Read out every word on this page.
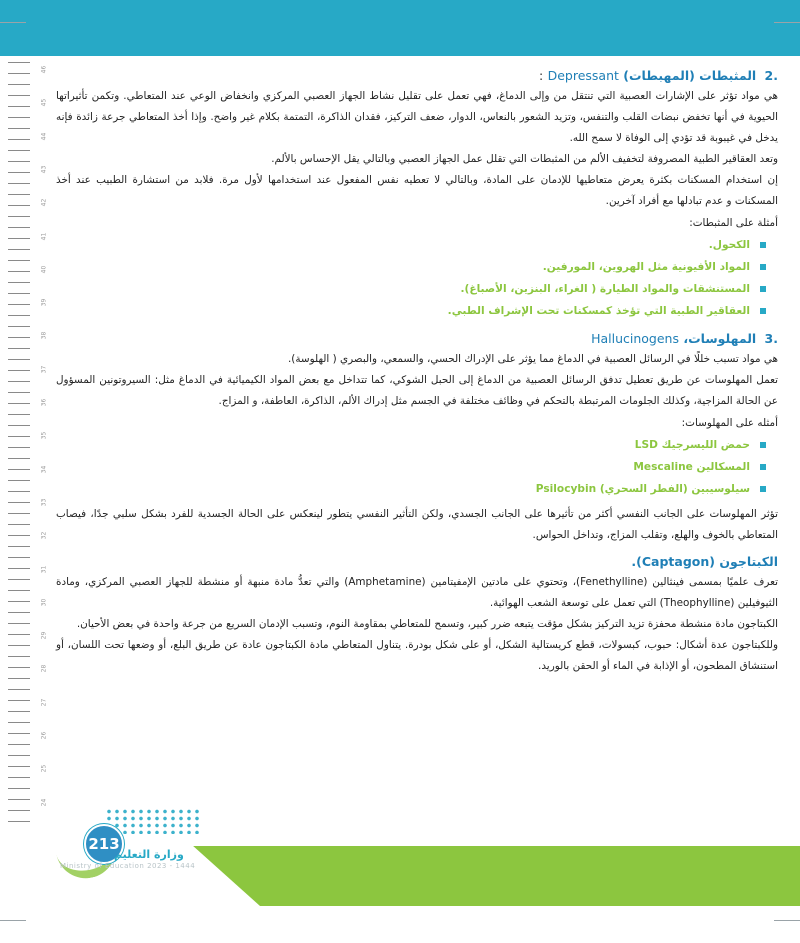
46
45
44
43
42
41
40
39
38
37
36
35
34
33
32
31
30
29
28
27
26
25
24
.2 المثبطات (المهبطات) Depressant :

هي مواد تؤثر على الإشارات العصبية التي تنتقل من وإلى الدماغ، فهي تعمل على تقليل نشاط الجهاز العصبي المركزي وانخفاض الوعي عند المتعاطي. وتكمن تأثيراتها الحيوية في أنها تخفض نبضات القلب والتنفس، وتزيد الشعور بالنعاس، الدوار، ضعف التركيز، فقدان الذاكرة، التمتمة بكلام غير واضح. وإذا أخذ المتعاطي جرعة زائدة فإنه يدخل في غيبوبة قد تؤدي إلى الوفاة لا سمح الله.

وتعد العقاقير الطبية المصروفة لتخفيف الألم من المثبطات التي تقلل عمل الجهاز العصبي وبالتالي يقل الإحساس بالألم.

إن استخدام المسكنات بكثرة يعرض متعاطيها للإدمان على المادة، وبالتالي لا تعطيه نفس المفعول عند استخدامها لأول مرة. فلابد من استشارة الطبيب عند أخذ المسكنات و عدم تبادلها مع أفراد آخرين.

أمثلة على المثبطات:
الكحول.
المواد الأفيونية مثل الهروين، المورفين.
المستنشقات والمواد الطيارة ( الغراء، البنزين، الأصباغ).
العقاقير الطبية التي تؤخذ كمسكنات تحت الإشراف الطبي.
.3 المهلوسات، Hallucinogens

هي مواد تسبب خللًا في الرسائل العصبية في الدماغ مما يؤثر على الإدراك الحسي، والسمعي، والبصري ( الهلوسة).

تعمل المهلوسات عن طريق تعطيل تدفق الرسائل العصبية من الدماغ إلى الحبل الشوكي، كما تتداخل مع بعض المواد الكيميائية في الدماغ مثل: السيروتونين المسؤول عن الحالة المزاجية، وكذلك الجلومات المرتبطة بالتحكم في وظائف مختلفة في الجسم مثل إدراك الألم، الذاكرة، العاطفة، و المزاج.

أمثله على المهلوسات:
حمض الليسرجيك LSD
المسكالين Mescaline
سيلوسيبين (الفطر السحري) Psilocybin

تؤثر المهلوسات على الجانب النفسي أكثر من تأثيرها على الجانب الجسدي، ولكن التأثير النفسي يتطور لينعكس على الحالة الجسدية للفرد بشكل سلبي جدًا، فيصاب المتعاطي بالخوف والهلع، وتقلب المزاج، وتداخل الحواس.

الكبتاجون (Captagon).

تعرف علميًا بمسمى فينثالين (Fenethylline)، وتحتوي على مادتين الإمفيتامين (Amphetamine) والتي تعدُّ مادة منبهة أو منشطة للجهاز العصبي المركزي، ومادة الثيوفيلين (Theophylline) التي تعمل على توسعة الشعب الهوائية.

الكبتاجون مادة منشطة محفزة تزيد التركيز بشكل مؤقت يتبعه ضرر كبير، وتسمح للمتعاطي بمقاومة النوم، وتسبب الإدمان السريع من جرعة واحدة في بعض الأحيان.

وللكبتاجون عدة أشكال: حبوب، كبسولات، قطع كريستالية الشكل، أو على شكل بودرة. يتناول المتعاطي مادة الكبتاجون عادة عن طريق البلع، أو وضعها تحت اللسان، أو استنشاق المطحون، أو الإذابة في الماء أو الحقن بالوريد.

213
وزارة التعليم
Ministry of Education 2023 - 1444
